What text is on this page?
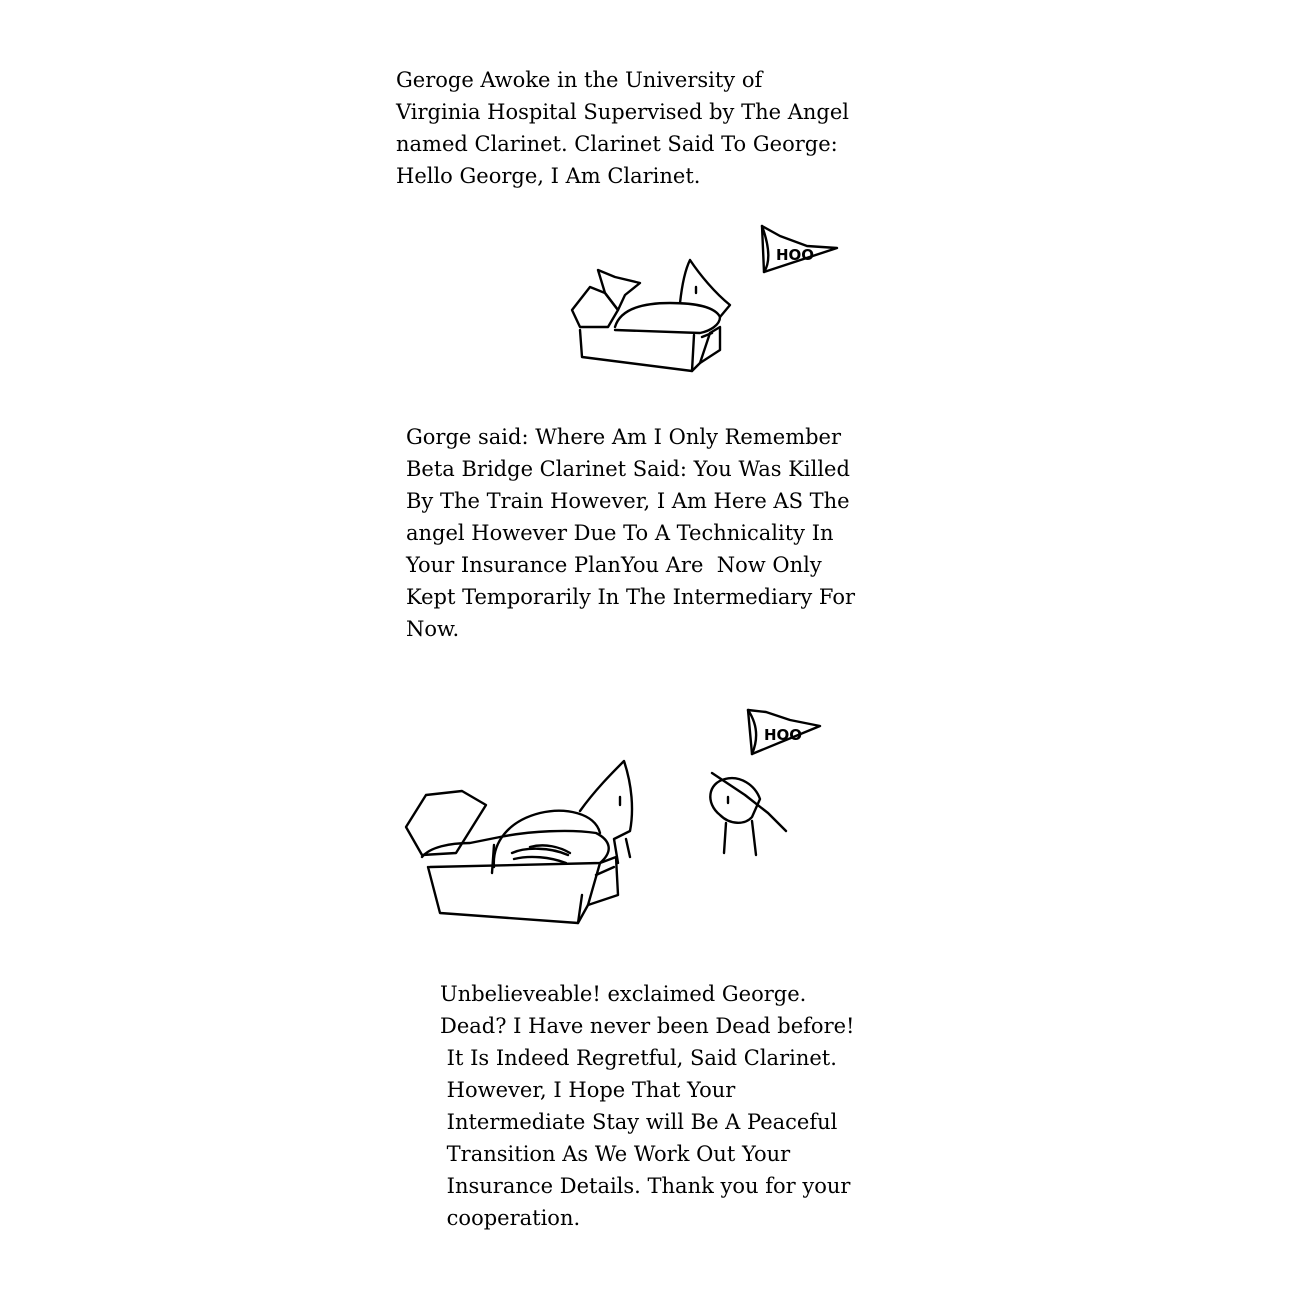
Geroge Awoke in the University of
Virginia Hospital Supervised by The Angel
named Clarinet. Clarinet Said To George:
Hello George, I Am Clarinet.
HOO
Gorge said: Where Am I Only Remember
Beta Bridge Clarinet Said: You Was Killed
By The Train However, I Am Here AS The
angel However Due To A Technicality In
Your Insurance PlanYou Are  Now Only
Kept Temporarily In The Intermediary For
Now.
HOO
Unbelieveable! exclaimed George.
Dead? I Have never been Dead before!
It Is Indeed Regretful, Said Clarinet.
However, I Hope That Your
Intermediate Stay will Be A Peaceful
Transition As We Work Out Your
Insurance Details. Thank you for your
cooperation.
